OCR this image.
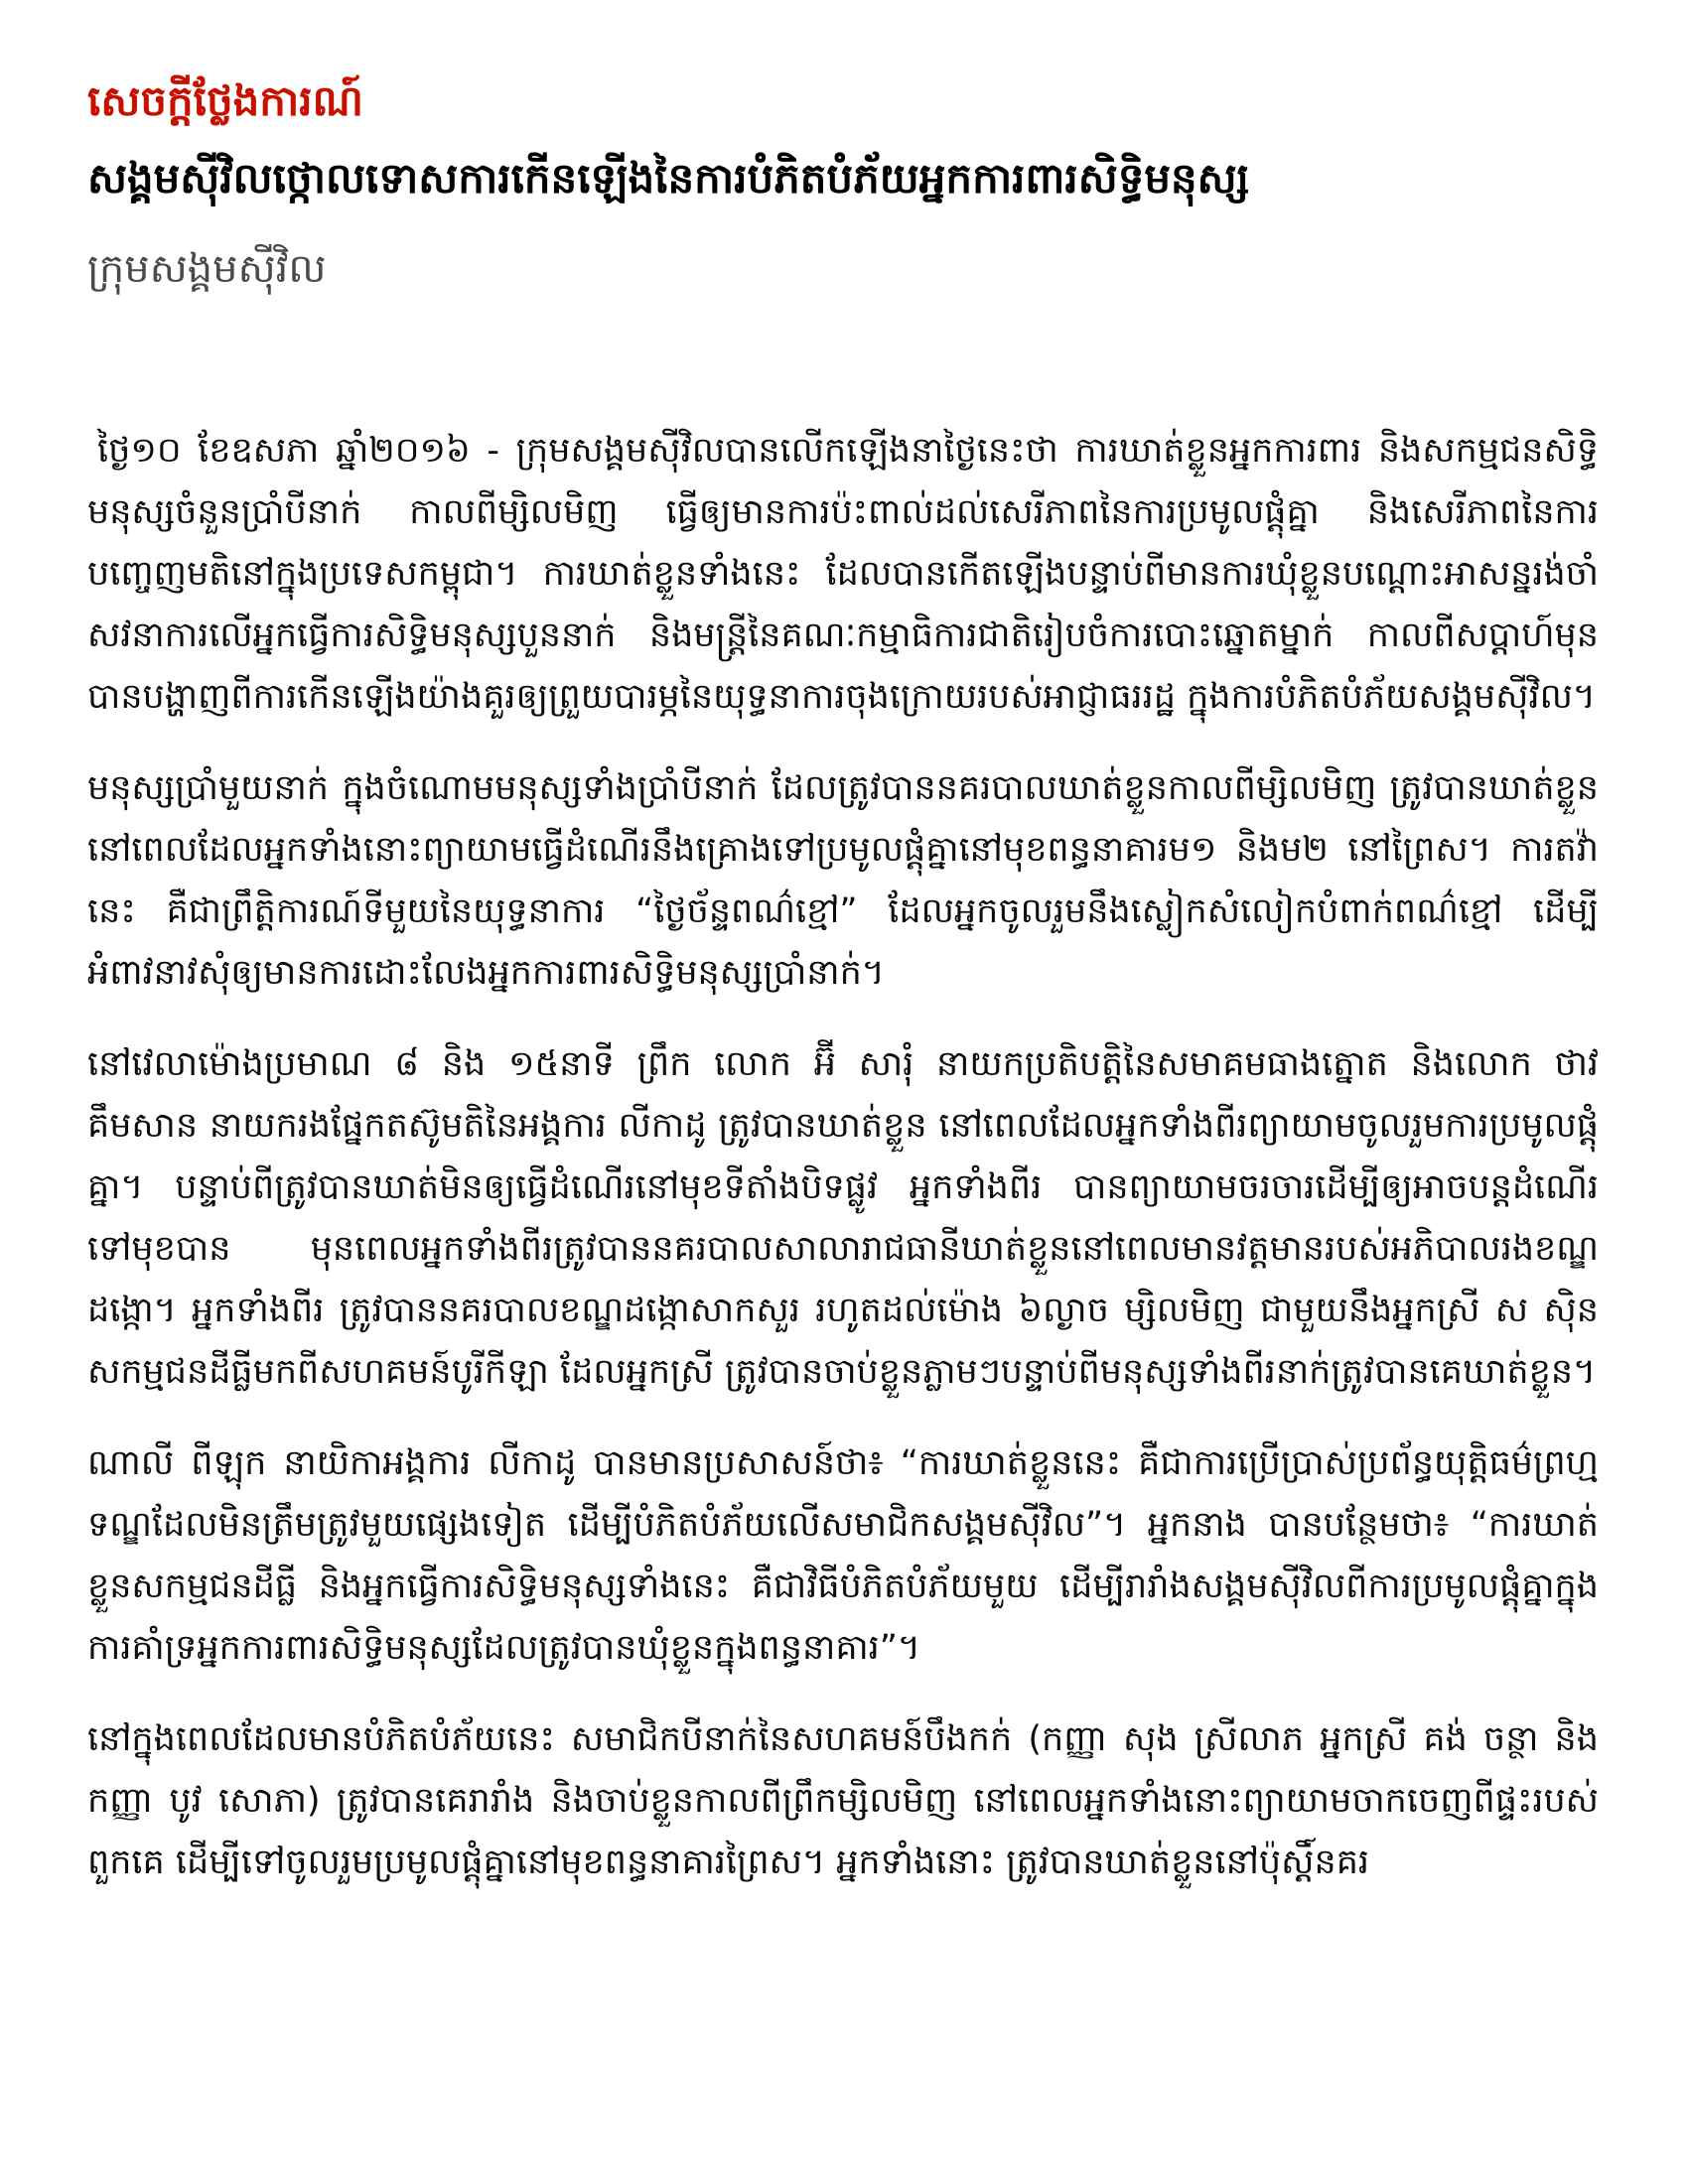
សេចក្តីថ្លែងការណ៍
សង្គមស៊ីវិលថ្កោលទោសការកើនឡើងនៃការបំភិតបំភ័យអ្នកការពារសិទ្ធិមនុស្ស
ក្រុមសង្គមស៊ីវិល

ថ្ងៃ១០ ខែឧសភា ឆ្នាំ២០១៦ - ក្រុមសង្គមស៊ីវិលបានលើកឡើងនាថ្ងៃនេះថា ការឃាត់ខ្លួនអ្នកការពារ និងសកម្មជនសិទ្ធិមនុស្សចំនួនប្រាំបីនាក់ កាលពីម្សិលមិញ ធ្វើឲ្យមានការប៉ះពាល់ដល់សេរីភាពនៃការប្រមូលផ្តុំគ្នា និងសេរីភាពនៃការបញ្ចេញមតិនៅក្នុងប្រទេសកម្ពុជា។ ការឃាត់ខ្លួនទាំងនេះ ដែលបានកើតឡើងបន្ទាប់ពីមានការឃុំខ្លួនបណ្តោះអាសន្នរង់ចាំសវនាការលើអ្នកធ្វើការសិទ្ធិមនុស្សបួននាក់ និងមន្ត្រីនៃគណៈកម្មាធិការជាតិរៀបចំការបោះឆ្នោតម្នាក់ កាលពីសប្តាហ៍មុន បានបង្ហាញពីការកើនឡើងយ៉ាងគួរឲ្យព្រួយបារម្ភនៃយុទ្ធនាការចុងក្រោយរបស់អាជ្ញាធររដ្ឋ ក្នុងការបំភិតបំភ័យសង្គមស៊ីវិល។

មនុស្សប្រាំមួយនាក់ ក្នុងចំណោមមនុស្សទាំងប្រាំបីនាក់ ដែលត្រូវបាននគរបាលឃាត់ខ្លួនកាលពីម្សិលមិញ ត្រូវបានឃាត់ខ្លួន នៅពេលដែលអ្នកទាំងនោះព្យាយាមធ្វើដំណើរនឹងគ្រោងទៅប្រមូលផ្តុំគ្នានៅមុខពន្ធនាគារម១ និងម២ នៅព្រៃស។ ការតវ៉ានេះ គឺជាព្រឹត្តិការណ៍ទីមួយនៃយុទ្ធនាការ “ថ្ងៃច័ន្ទពណ៌ខ្មៅ” ដែលអ្នកចូលរួមនឹងស្លៀកសំលៀកបំពាក់ពណ៌ខ្មៅ ដើម្បីអំពាវនាវសុំឲ្យមានការដោះលែងអ្នកការពារសិទ្ធិមនុស្សប្រាំនាក់។

នៅវេលាម៉ោងប្រមាណ ៨ និង ១៥នាទី ព្រឹក លោក អ៊ី សារុំ នាយកប្រតិបត្តិនៃសមាគមធាងត្នោត និងលោក ថាវ គឹមសាន នាយករងផ្នែកតស៊ូមតិនៃអង្គការ លីកាដូ ត្រូវបានឃាត់ខ្លួន នៅពេលដែលអ្នកទាំងពីរព្យាយាមចូលរួមការប្រមូលផ្តុំគ្នា។ បន្ទាប់ពីត្រូវបានឃាត់មិនឲ្យធ្វើដំណើរនៅមុខទីតាំងបិទផ្លូវ អ្នកទាំងពីរ បានព្យាយាមចរចារដើម្បីឲ្យអាចបន្តដំណើរទៅមុខបាន មុនពេលអ្នកទាំងពីរត្រូវបាននគរបាលសាលារាជធានីឃាត់ខ្លួននៅពេលមានវត្តមានរបស់អភិបាលរងខណ្ឌដង្កោ។ អ្នកទាំងពីរ ត្រូវបាននគរបាលខណ្ឌដង្កោសាកសួរ រហូតដល់ម៉ោង ៦ល្ងាច ម្សិលមិញ ជាមួយនឹងអ្នកស្រី ស ស៊ិន សកម្មជនដីធ្លីមកពីសហគមន៍បូរីកីឡា ដែលអ្នកស្រី ត្រូវបានចាប់ខ្លួនភ្លាមៗបន្ទាប់ពីមនុស្សទាំងពីរនាក់ត្រូវបានគេឃាត់ខ្លួន។

ណាលី ពីឡុក នាយិកាអង្គការ លីកាដូ បានមានប្រសាសន៍ថា៖ “ការឃាត់ខ្លួននេះ គឺជាការប្រើប្រាស់ប្រព័ន្ធយុត្តិធម៌ព្រហ្មទណ្ឌដែលមិនត្រឹមត្រូវមួយផ្សេងទៀត ដើម្បីបំភិតបំភ័យលើសមាជិកសង្គមស៊ីវិល”។ អ្នកនាង បានបន្ថែមថា៖ “ការឃាត់ខ្លួនសកម្មជនដីធ្លី និងអ្នកធ្វើការសិទ្ធិមនុស្សទាំងនេះ គឺជាវិធីបំភិតបំភ័យមួយ ដើម្បីរារាំងសង្គមស៊ីវិលពីការប្រមូលផ្តុំគ្នាក្នុងការគាំទ្រអ្នកការពារសិទ្ធិមនុស្សដែលត្រូវបានឃុំខ្លួនក្នុងពន្ធនាគារ”។

នៅក្នុងពេលដែលមានបំភិតបំភ័យនេះ សមាជិកបីនាក់នៃសហគមន៍បឹងកក់ (កញ្ញា សុង ស្រីលាភ អ្នកស្រី គង់ ចន្ថា និងកញ្ញា បូវ សោភា) ត្រូវបានគេរារាំង និងចាប់ខ្លួនកាលពីព្រឹកម្សិលមិញ នៅពេលអ្នកទាំងនោះព្យាយាមចាកចេញពីផ្ទះរបស់ពួកគេ ដើម្បីទៅចូលរួមប្រមូលផ្តុំគ្នានៅមុខពន្ធនាគារព្រៃស។ អ្នកទាំងនោះ ត្រូវបានឃាត់ខ្លួននៅប៉ុស្តិ៍នគរ
